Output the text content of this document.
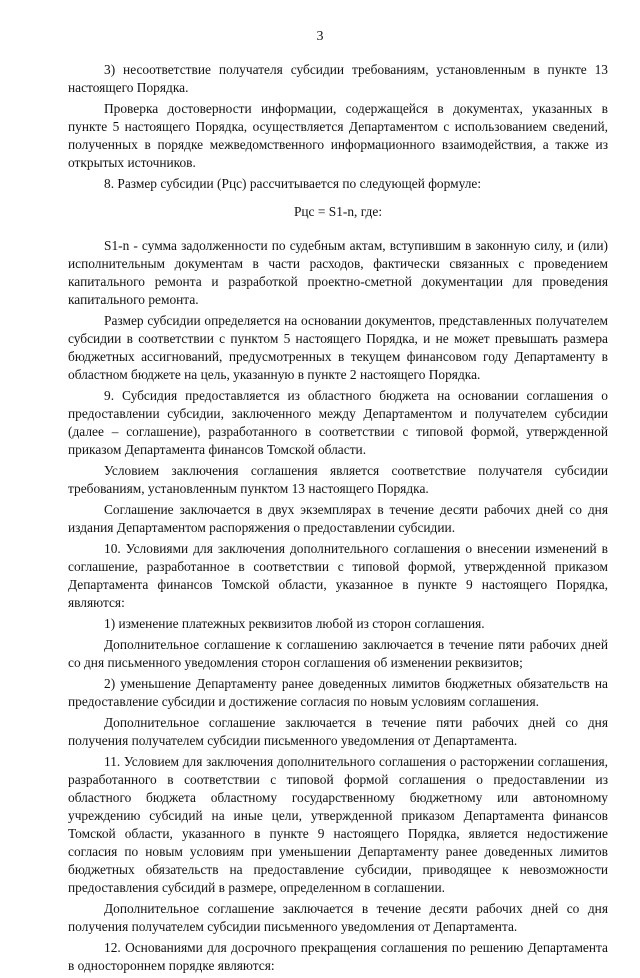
3

3) несоответствие получателя субсидии требованиям, установленным в пункте 13 настоящего Порядка.

Проверка достоверности информации, содержащейся в документах, указанных в пункте 5 настоящего Порядка, осуществляется Департаментом с использованием сведений, полученных в порядке межведомственного информационного взаимодействия, а также из открытых источников.

8. Размер субсидии (Рцс) рассчитывается по следующей формуле:

Рцс = S1-n, где:

S1-n - сумма задолженности по судебным актам, вступившим в законную силу, и (или) исполнительным документам в части расходов, фактически связанных с проведением капитального ремонта и разработкой проектно-сметной документации для проведения капитального ремонта.

Размер субсидии определяется на основании документов, представленных получателем субсидии в соответствии с пунктом 5 настоящего Порядка, и не может превышать размера бюджетных ассигнований, предусмотренных в текущем финансовом году Департаменту в областном бюджете на цель, указанную в пункте 2 настоящего Порядка.

9. Субсидия предоставляется из областного бюджета на основании соглашения о предоставлении субсидии, заключенного между Департаментом и получателем субсидии (далее – соглашение), разработанного в соответствии с типовой формой, утвержденной приказом Департамента финансов Томской области.

Условием заключения соглашения является соответствие получателя субсидии требованиям, установленным пунктом 13 настоящего Порядка.

Соглашение заключается в двух экземплярах в течение десяти рабочих дней со дня издания Департаментом распоряжения о предоставлении субсидии.

10. Условиями для заключения дополнительного соглашения о внесении изменений в соглашение, разработанное в соответствии с типовой формой, утвержденной приказом Департамента финансов Томской области, указанное в пункте 9 настоящего Порядка, являются:

1) изменение платежных реквизитов любой из сторон соглашения.

Дополнительное соглашение к соглашению заключается в течение пяти рабочих дней со дня письменного уведомления сторон соглашения об изменении реквизитов;

2) уменьшение Департаменту ранее доведенных лимитов бюджетных обязательств на предоставление субсидии и достижение согласия по новым условиям соглашения.

Дополнительное соглашение заключается в течение пяти рабочих дней со дня получения получателем субсидии письменного уведомления от Департамента.

11. Условием для заключения дополнительного соглашения о расторжении соглашения, разработанного в соответствии с типовой формой соглашения о предоставлении из областного бюджета областному государственному бюджетному или автономному учреждению субсидий на иные цели, утвержденной приказом Департамента финансов Томской области, указанного в пункте 9 настоящего Порядка, является недостижение согласия по новым условиям при уменьшении Департаменту ранее доведенных лимитов бюджетных обязательств на предоставление субсидии, приводящее к невозможности предоставления субсидий в размере, определенном в соглашении.

Дополнительное соглашение заключается в течение десяти рабочих дней со дня получения получателем субсидии письменного уведомления от Департамента.

12. Основаниями для досрочного прекращения соглашения по решению Департамента в одностороннем порядке являются:
